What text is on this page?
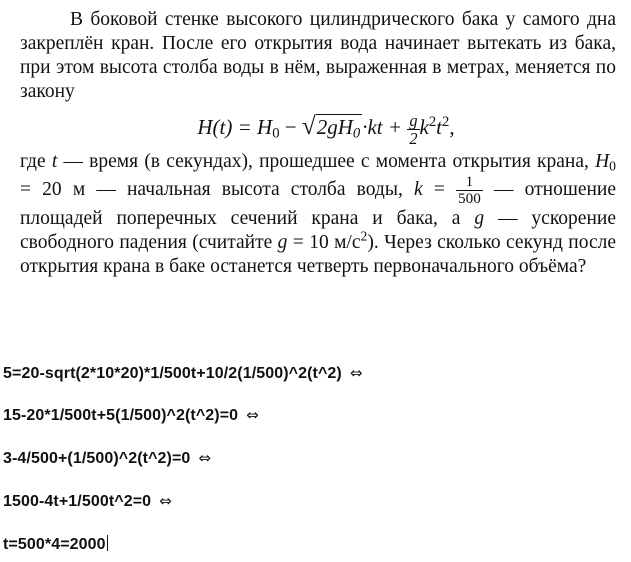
В боковой стенке высокого цилиндрического бака у самого дна закреплён кран. После его открытия вода начинает вытекать из бака, при этом высота столба воды в нём, выраженная в метрах, меняется по закону

$H(t) = H_0 - √2gH_0\cdot kt + \frac{g}{2} k^2t^2$,

где t — время (в секундах), прошедшее с момента открытия крана, $H_0 = 20$ м — начальная высота столба воды, $k = \frac{1}{500}$ — отношение площадей поперечных сечений крана и бака, а g — ускорение свободного падения (считайте g = 10 $м/с^2$). Через сколько секунд после открытия крана в баке останется четверть первоначального объёма?

5=20-sqrt(2*10*20)*1/500t+10/2(1/500)^2(t^2) ⇔
15-20*1/500t+5(1/500)^2(t^2)=0 ⇔
3-4/500+(1/500)^2(t^2)=0 ⇔
1500-4t+1/500t^2=0 ⇔
t=500*4=2000
